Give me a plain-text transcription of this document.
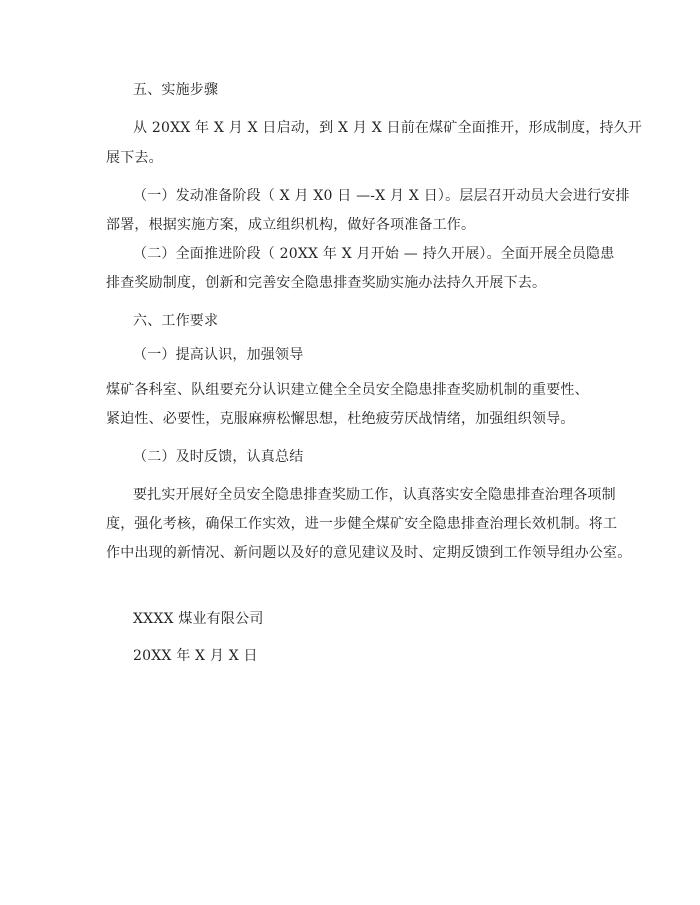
五、实施步骤

从 20XX 年 X 月 X 日启动，到 X 月 X 日前在煤矿全面推开，形成制度，持久开

展下去。

（一）发动准备阶段（ X 月 X0 日 —-X 月 X 日）。层层召开动员大会进行安排

部署，根据实施方案，成立组织机构，做好各项准备工作。

（二）全面推进阶段（ 20XX 年 X 月开始 — 持久开展）。全面开展全员隐患

排查奖励制度，创新和完善安全隐患排查奖励实施办法持久开展下去。

六、工作要求

（一）提高认识，加强领导

煤矿各科室、队组要充分认识建立健全全员安全隐患排查奖励机制的重要性、

紧迫性、必要性，克服麻痹松懈思想，杜绝疲劳厌战情绪，加强组织领导。

（二）及时反馈，认真总结

要扎实开展好全员安全隐患排查奖励工作，认真落实安全隐患排查治理各项制

度，强化考核，确保工作实效，进一步健全煤矿安全隐患排查治理长效机制。将工

作中出现的新情况、新问题以及好的意见建议及时、定期反馈到工作领导组办公室。

XXXX 煤业有限公司

20XX 年 X 月 X 日
